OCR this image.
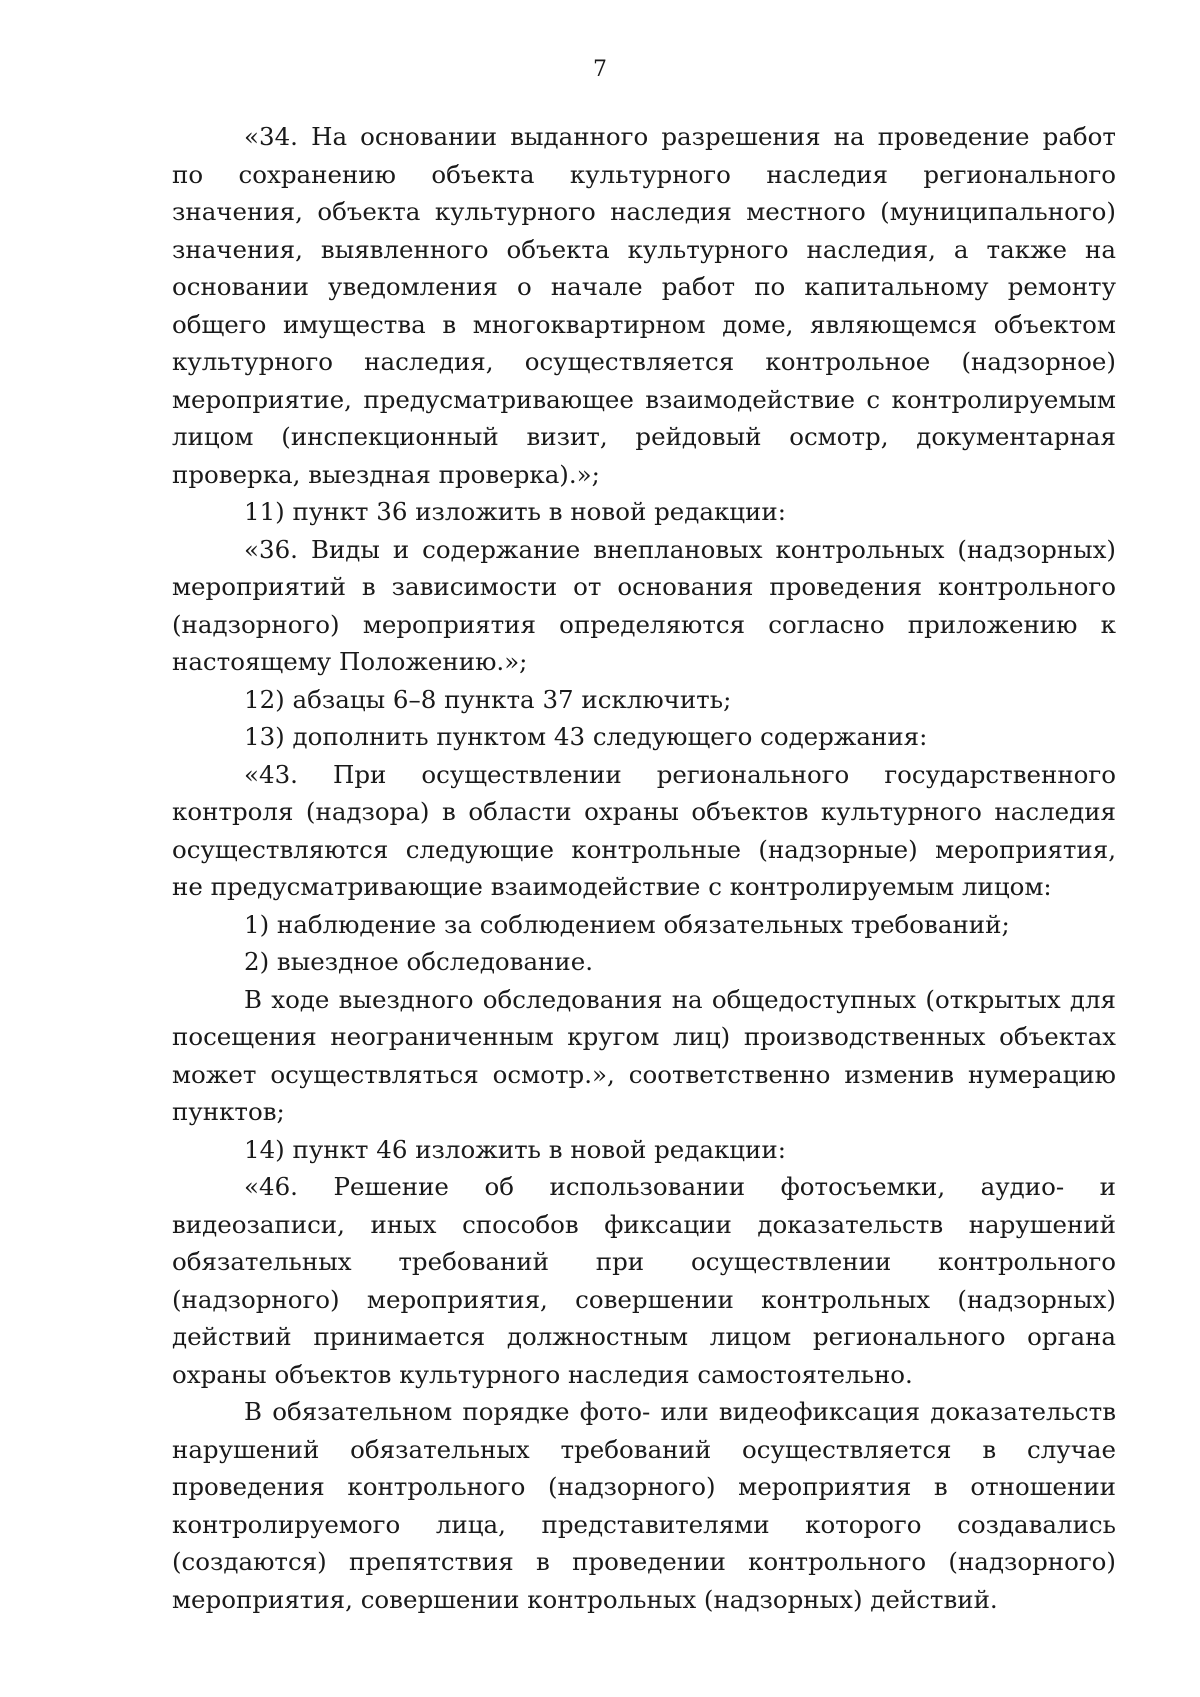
7

«34. На основании выданного разрешения на проведение работ по сохранению объекта культурного наследия регионального значения, объекта культурного наследия местного (муниципального) значения, выявленного объекта культурного наследия, а также на основании уведомления о начале работ по капитальному ремонту общего имущества в многоквартирном доме, являющемся объектом культурного наследия, осуществляется контрольное (надзорное) мероприятие, предусматривающее взаимодействие с контролируемым лицом (инспекционный визит, рейдовый осмотр, документарная проверка, выездная проверка).»;

11) пункт 36 изложить в новой редакции:

«36. Виды и содержание внеплановых контрольных (надзорных) мероприятий в зависимости от основания проведения контрольного (надзорного) мероприятия определяются согласно приложению к настоящему Положению.»;

12) абзацы 6–8 пункта 37 исключить;

13) дополнить пунктом 43 следующего содержания:

«43. При осуществлении регионального государственного контроля (надзора) в области охраны объектов культурного наследия осуществляются следующие контрольные (надзорные) мероприятия, не предусматривающие взаимодействие с контролируемым лицом:

1) наблюдение за соблюдением обязательных требований;

2) выездное обследование.

В ходе выездного обследования на общедоступных (открытых для посещения неограниченным кругом лиц) производственных объектах может осуществляться осмотр.», соответственно изменив нумерацию пунктов;

14) пункт 46 изложить в новой редакции:

«46. Решение об использовании фотосъемки, аудио- и видеозаписи, иных способов фиксации доказательств нарушений обязательных требований при осуществлении контрольного (надзорного) мероприятия, совершении контрольных (надзорных) действий принимается должностным лицом регионального органа охраны объектов культурного наследия самостоятельно.

В обязательном порядке фото- или видеофиксация доказательств нарушений обязательных требований осуществляется в случае проведения контрольного (надзорного) мероприятия в отношении контролируемого лица, представителями которого создавались (создаются) препятствия в проведении контрольного (надзорного) мероприятия, совершении контрольных (надзорных) действий.
